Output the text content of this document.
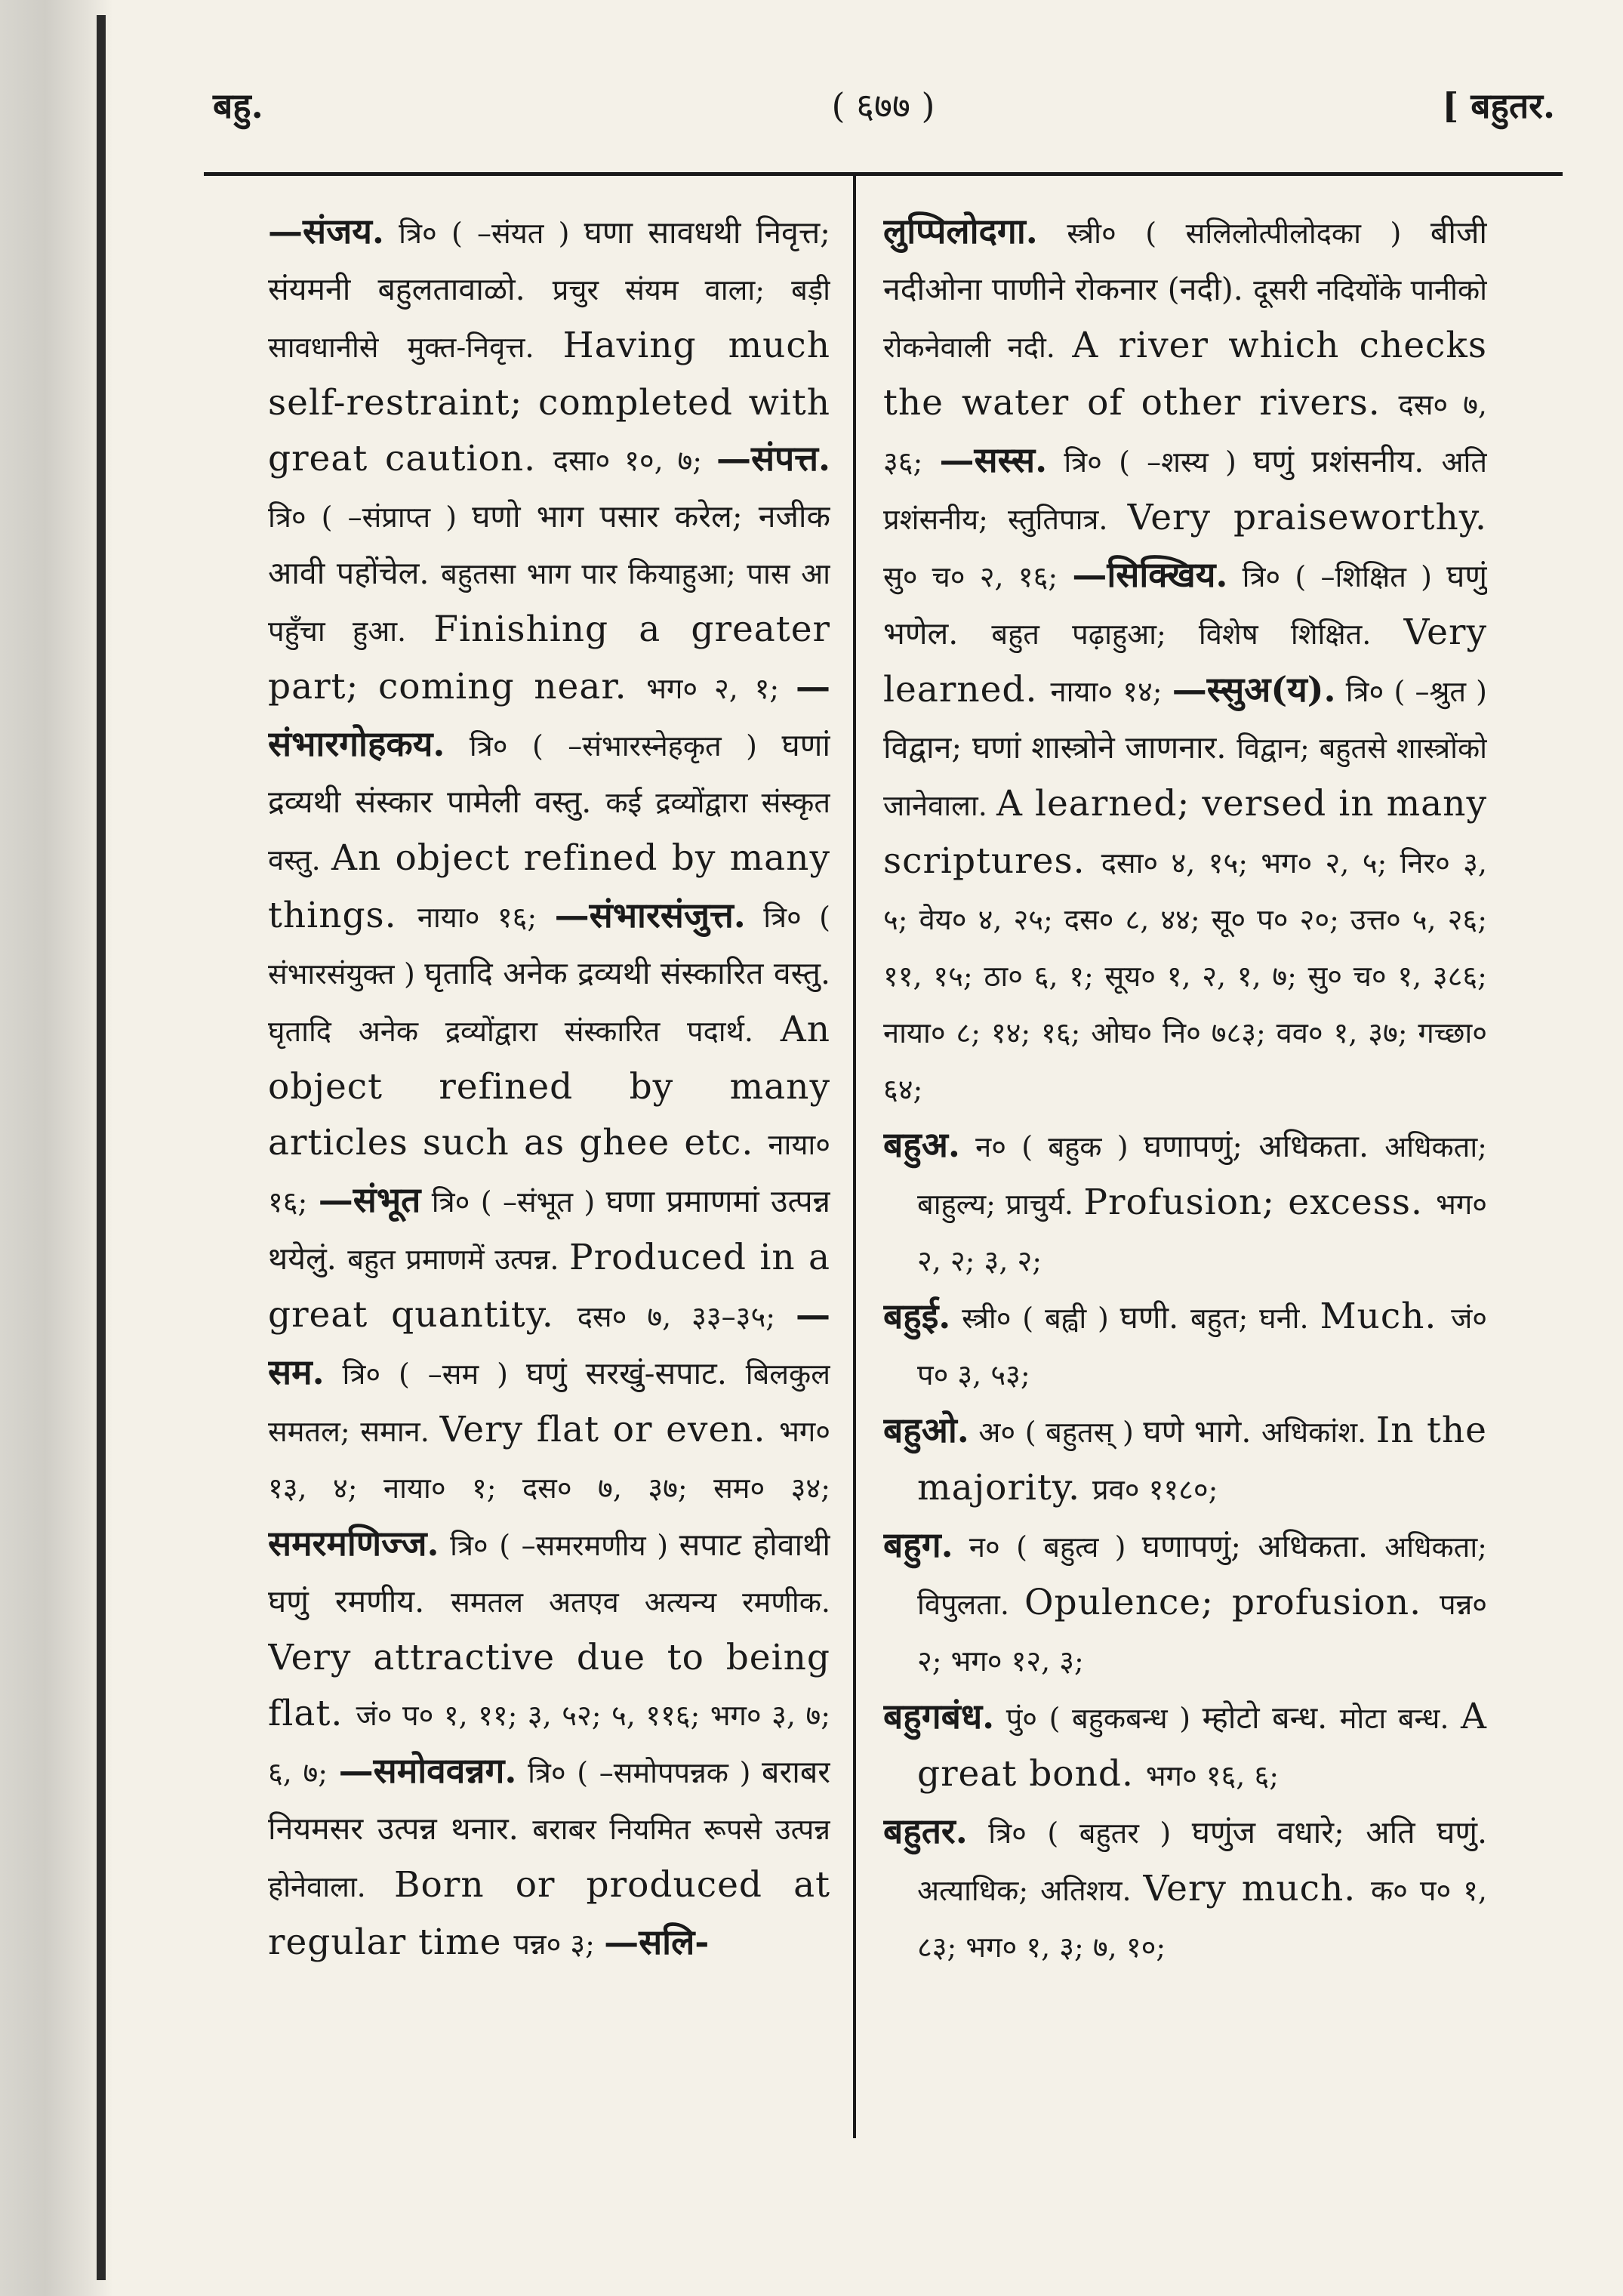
बहु.	( ६७७ )	[ बहुतर.

—संजय. त्रि० ( –संयत ) घणा सावधथी निवृत्त; संयमनी बहुलतावाळो. प्रचुर संयम वाला; बड़ी सावधानीसे मुक्त-निवृत्त. Having much self-restraint; completed with great caution. दसा० १०, ७; —संपत्त. त्रि० ( –संप्राप्त ) घणो भाग पसार करेल; नजीक आवी पहोंचेल. बहुतसा भाग पार कियाहुआ; पास आ पहुँचा हुआ. Finishing a greater part; coming near. भग० २, १; —संभारगोहकय. त्रि० ( –संभारस्नेहकृत ) घणां द्रव्यथी संस्कार पामेली वस्तु. कई द्रव्योंद्वारा संस्कृत वस्तु. An object refined by many things. नाया० १६; —संभारसंजुत्त. त्रि० ( संभारसंयुक्त ) घृतादि अनेक द्रव्यथी संस्कारित वस्तु. घृतादि अनेक द्रव्योंद्वारा संस्कारित पदार्थ. An object refined by many articles such as ghee etc. नाया० १६; —संभूत त्रि० ( –संभूत ) घणा प्रमाणमां उत्पन्न थयेलुं. बहुत प्रमाणमें उत्पन्न. Produced in a great quantity. दस० ७, ३३–३५; —सम. त्रि० ( –सम ) घणुं सरखुं-सपाट. बिलकुल समतल; समान. Very flat or even. भग० १३, ४; नाया० १; दस० ७, ३७; सम० ३४; समरमणिज्ज. त्रि० ( –समरमणीय ) सपाट होवाथी घणुं रमणीय. समतल अतएव अत्यन्य रमणीक. Very attractive due to being flat. जं० प० १, ११; ३, ५२; ५, ११६; भग० ३, ७; ६, ७; —समोववन्नग. त्रि० ( –समोपपन्नक ) बराबर नियमसर उत्पन्न थनार. बराबर नियमित रूपसे उत्पन्न होनेवाला. Born or produced at regular time पन्न० ३; —सलि-

लुप्पिलोदगा. स्त्री० ( सलिलोत्पीलोदका ) बीजी नदीओना पाणीने रोकनार (नदी). दूसरी नदियोंके पानीको रोकनेवाली नदी. A river which checks the water of other rivers. दस० ७, ३६; —सस्स. त्रि० ( –शस्य ) घणुं प्रशंसनीय. अति प्रशंसनीय; स्तुतिपात्र. Very praiseworthy. सु० च० २, १६; —सिक्खिय. त्रि० ( –शिक्षित ) घणुं भणेल. बहुत पढ़ाहुआ; विशेष शिक्षित. Very learned. नाया० १४; —स्सुअ(य). त्रि० ( –श्रुत ) विद्वान; घणां शास्त्रोने जाणनार. विद्वान; बहुतसे शास्त्रोंको जानेवाला. A learned; versed in many scriptures. दसा० ४, १५; भग० २, ५; निर० ३, ५; वेय० ४, २५; दस० ८, ४४; सू० प० २०; उत्त० ५, २६; ११, १५; ठा० ६, १; सूय० १, २, १, ७; सु० च० १, ३८६; नाया० ८; १४; १६; ओघ० नि० ७८३; वव० १, ३७; गच्छा० ६४;

बहुअ. न० ( बहुक ) घणापणुं; अधिकता. अधिकता; बाहुल्य; प्राचुर्य. Profusion; excess. भग० २, २; ३, २;

बहुई. स्त्री० ( बह्वी ) घणी. बहुत; घनी. Much. जं० प० ३, ५३;

बहुओ. अ० ( बहुतस् ) घणे भागे. अधिकांश. In the majority. प्रव० ११८०;

बहुग. न० ( बहुत्व ) घणापणुं; अधिकता. अधिकता; विपुलता. Opulence; profusion. पन्न० २; भग० १२, ३;

बहुगबंध. पुं० ( बहुकबन्ध ) म्होटो बन्ध. मोटा बन्ध. A great bond. भग० १६, ६;

बहुतर. त्रि० ( बहुतर ) घणुंज वधारे; अति घणुं. अत्याधिक; अतिशय. Very much. क० प० १, ८३; भग० १, ३; ७, १०;
